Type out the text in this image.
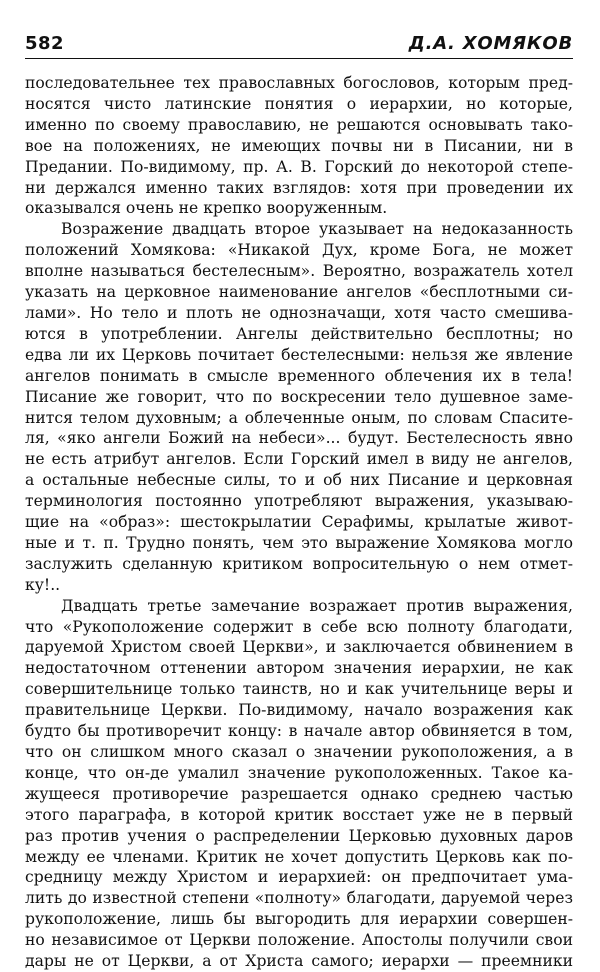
582	Д.А. ХОМЯКОВ
последовательнее тех православных богословов, которым пред-
носятся чисто латинские понятия о иерархии, но которые,
именно по своему православию, не решаются основывать тако-
вое на положениях, не имеющих почвы ни в Писании, ни в
Предании. По-видимому, пр. А. В. Горский до некоторой степе-
ни держался именно таких взглядов: хотя при проведении их
оказывался очень не крепко вооруженным.
Возражение двадцать второе указывает на недоказанность
положений Хомякова: «Никакой Дух, кроме Бога, не может
вполне называться бестелесным». Вероятно, возражатель хотел
указать на церковное наименование ангелов «бесплотными си-
лами». Но тело и плоть не однозначащи, хотя часто смешива-
ются в употреблении. Ангелы действительно бесплотны; но
едва ли их Церковь почитает бестелесными: нельзя же явление
ангелов понимать в смысле временного облечения их в тела!
Писание же говорит, что по воскресении тело душевное заме-
нится телом духовным; а облеченные оным, по словам Спасите-
ля, «яко ангели Божий на небеси»... будут. Бестелесность явно
не есть атрибут ангелов. Если Горский имел в виду не ангелов,
а остальные небесные силы, то и об них Писание и церковная
терминология постоянно употребляют выражения, указываю-
щие на «образ»: шестокрылатии Серафимы, крылатые живот-
ные и т. п. Трудно понять, чем это выражение Хомякова могло
заслужить сделанную критиком вопросительную о нем отмет-
ку!..
Двадцать третье замечание возражает против выражения,
что «Рукоположение содержит в себе всю полноту благодати,
даруемой Христом своей Церкви», и заключается обвинением в
недостаточном оттенении автором значения иерархии, не как
совершительнице только таинств, но и как учительнице веры и
правительнице Церкви. По-видимому, начало возражения как
будто бы противоречит концу: в начале автор обвиняется в том,
что он слишком много сказал о значении рукоположения, а в
конце, что он-де умалил значение рукоположенных. Такое ка-
жущееся противоречие разрешается однако среднею частью
этого параграфа, в которой критик восстает уже не в первый
раз против учения о распределении Церковью духовных даров
между ее членами. Критик не хочет допустить Церковь как по-
средницу между Христом и иерархией: он предпочитает ума-
лить до известной степени «полноту» благодати, даруемой через
рукоположение, лишь бы выгородить для иерархии совершен-
но независимое от Церкви положение. Апостолы получили свои
дары не от Церкви, а от Христа самого; иерархи — преемники
